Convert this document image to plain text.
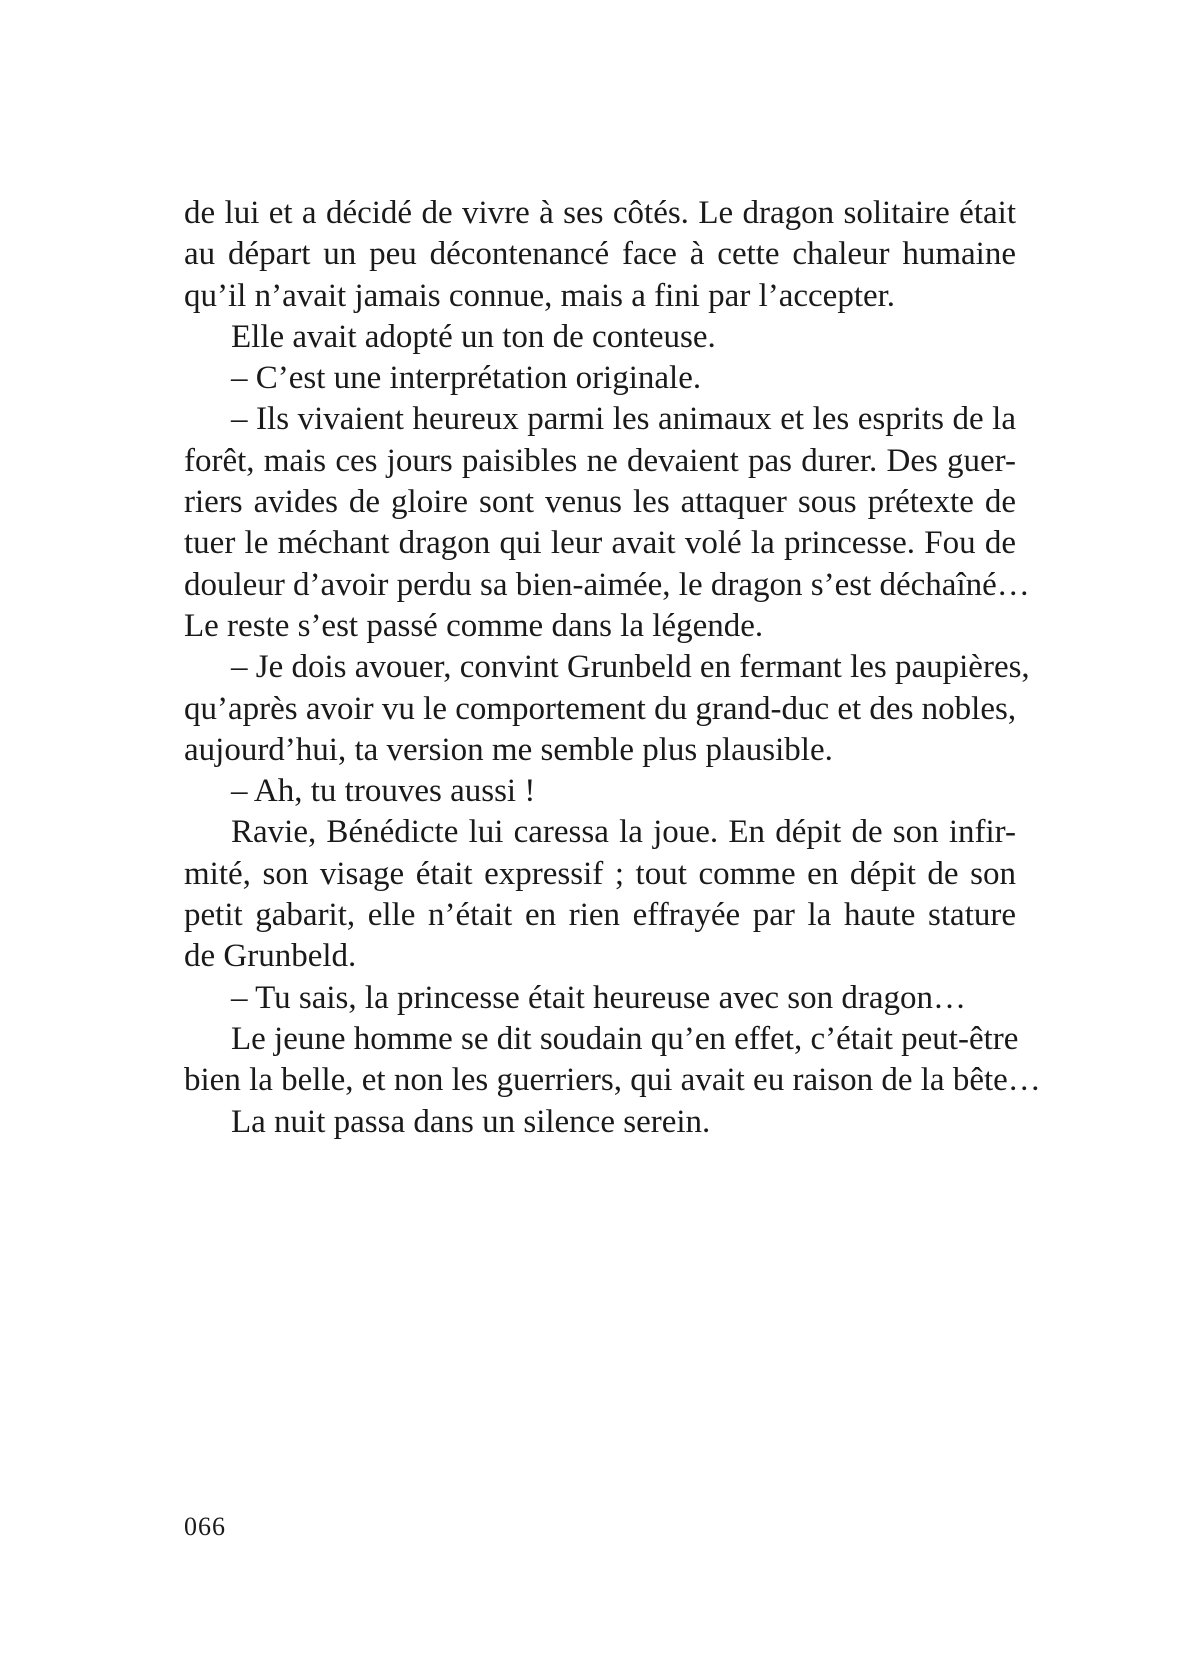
de lui et a décidé de vivre à ses côtés. Le dragon solitaire était
au départ un peu décontenancé face à cette chaleur humaine
qu’il n’avait jamais connue, mais a fini par l’accepter.
Elle avait adopté un ton de conteuse.
– C’est une interprétation originale.
– Ils vivaient heureux parmi les animaux et les esprits de la
forêt, mais ces jours paisibles ne devaient pas durer. Des guer-
riers avides de gloire sont venus les attaquer sous prétexte de
tuer le méchant dragon qui leur avait volé la princesse. Fou de
douleur d’avoir perdu sa bien-aimée, le dragon s’est déchaîné…
Le reste s’est passé comme dans la légende.
– Je dois avouer, convint Grunbeld en fermant les paupières,
qu’après avoir vu le comportement du grand-duc et des nobles,
aujourd’hui, ta version me semble plus plausible.
– Ah, tu trouves aussi !
Ravie, Bénédicte lui caressa la joue. En dépit de son infir-
mité, son visage était expressif ; tout comme en dépit de son
petit gabarit, elle n’était en rien effrayée par la haute stature
de Grunbeld.
– Tu sais, la princesse était heureuse avec son dragon…
Le jeune homme se dit soudain qu’en effet, c’était peut-être
bien la belle, et non les guerriers, qui avait eu raison de la bête…
La nuit passa dans un silence serein.
066
